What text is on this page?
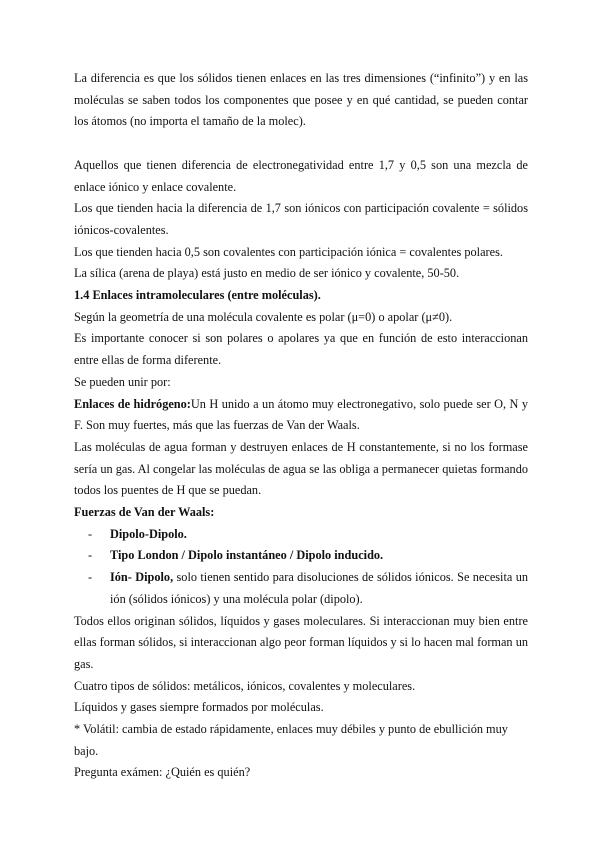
La diferencia es que los sólidos tienen enlaces en las tres dimensiones (“infinito”) y en las moléculas se saben todos los componentes que posee y en qué cantidad, se pueden contar los átomos (no importa el tamaño de la molec).

Aquellos que tienen diferencia de electronegatividad entre 1,7 y 0,5 son una mezcla de enlace iónico y enlace covalente.

Los que tienden hacia la diferencia de 1,7 son iónicos con participación covalente = sólidos iónicos-covalentes.

Los que tienden hacia 0,5 son covalentes con participación iónica = covalentes polares.

La sílica (arena de playa) está justo en medio de ser iónico y covalente, 50-50.

1.4 Enlaces intramoleculares (entre moléculas).

Según la geometría de una molécula covalente es polar (μ=0) o apolar (μ≠0).

Es importante conocer si son polares o apolares ya que en función de esto interaccionan entre ellas de forma diferente.

Se pueden unir por:

Enlaces de hidrógeno:Un H unido a un átomo muy electronegativo, solo puede ser O, N y F. Son muy fuertes, más que las fuerzas de Van der Waals.

Las moléculas de agua forman y destruyen enlaces de H constantemente, si no los formase sería un gas. Al congelar las moléculas de agua se las obliga a permanecer quietas formando todos los puentes de H que se puedan.

Fuerzas de Van der Waals:

- Dipolo-Dipolo.
- Tipo London / Dipolo instantáneo / Dipolo inducido.
- Ión- Dipolo, solo tienen sentido para disoluciones de sólidos iónicos. Se necesita un ión (sólidos iónicos) y una molécula polar (dipolo).

Todos ellos originan sólidos, líquidos y gases moleculares. Si interaccionan muy bien entre ellas forman sólidos, si interaccionan algo peor forman líquidos y si lo hacen mal forman un gas.

Cuatro tipos de sólidos: metálicos, iónicos, covalentes y moleculares.

Líquidos y gases siempre formados por moléculas.

* Volátil: cambia de estado rápidamente, enlaces muy débiles y punto de ebullición muy bajo.

Pregunta exámen: ¿Quién es quién?
